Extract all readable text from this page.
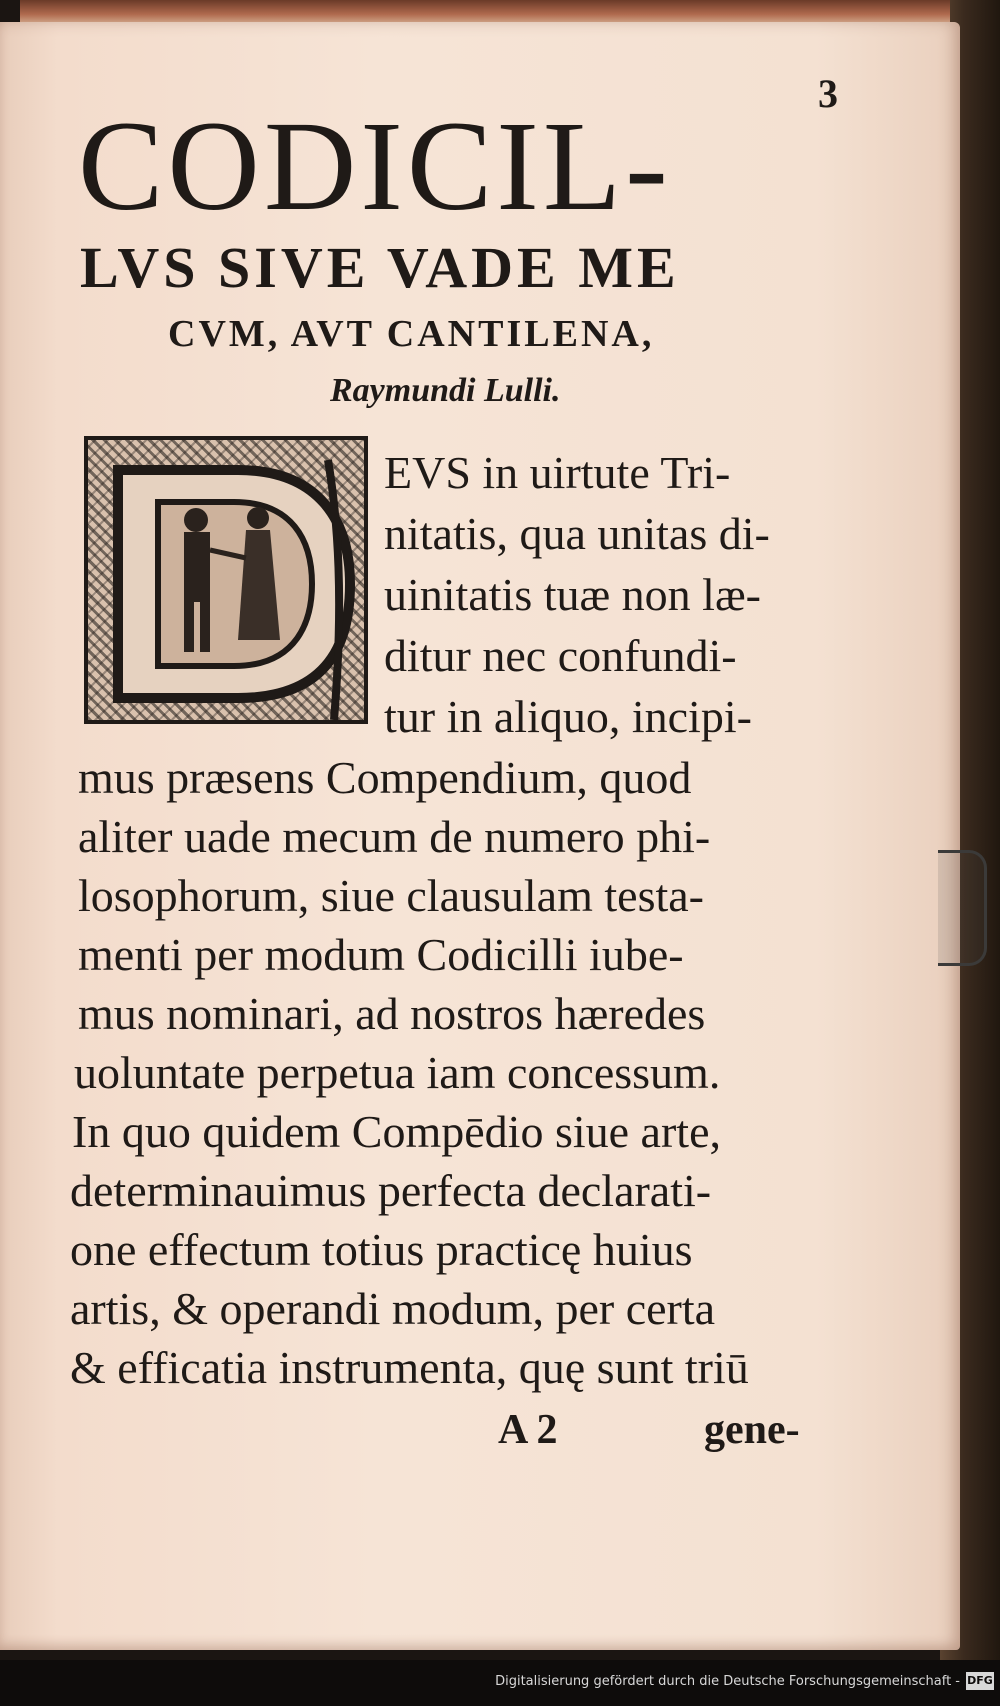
3
CODICIL-
LVS SIVE VADE ME
CVM, AVT CANTILENA,
Raymundi Lulli.
EVS in uirtute Tri-
nitatis, qua unitas di-
uinitatis tuæ non læ-
ditur nec confundi-
tur in aliquo, incipi-
mus præsens Compendium, quod
aliter uade mecum de numero phi-
losophorum, siue clausulam testa-
menti per modum Codicilli iube-
mus nominari, ad nostros hæredes
uoluntate perpetua iam concessum.
In quo quidem Compēdio siue arte,
determinauimus perfecta declarati-
one effectum totius practicę huius
artis, & operandi modum, per certa
& efficatia instrumenta, quę sunt triū
A 2	gene-
Digitalisierung gefördert durch die Deutsche Forschungsgemeinschaft - DFG
